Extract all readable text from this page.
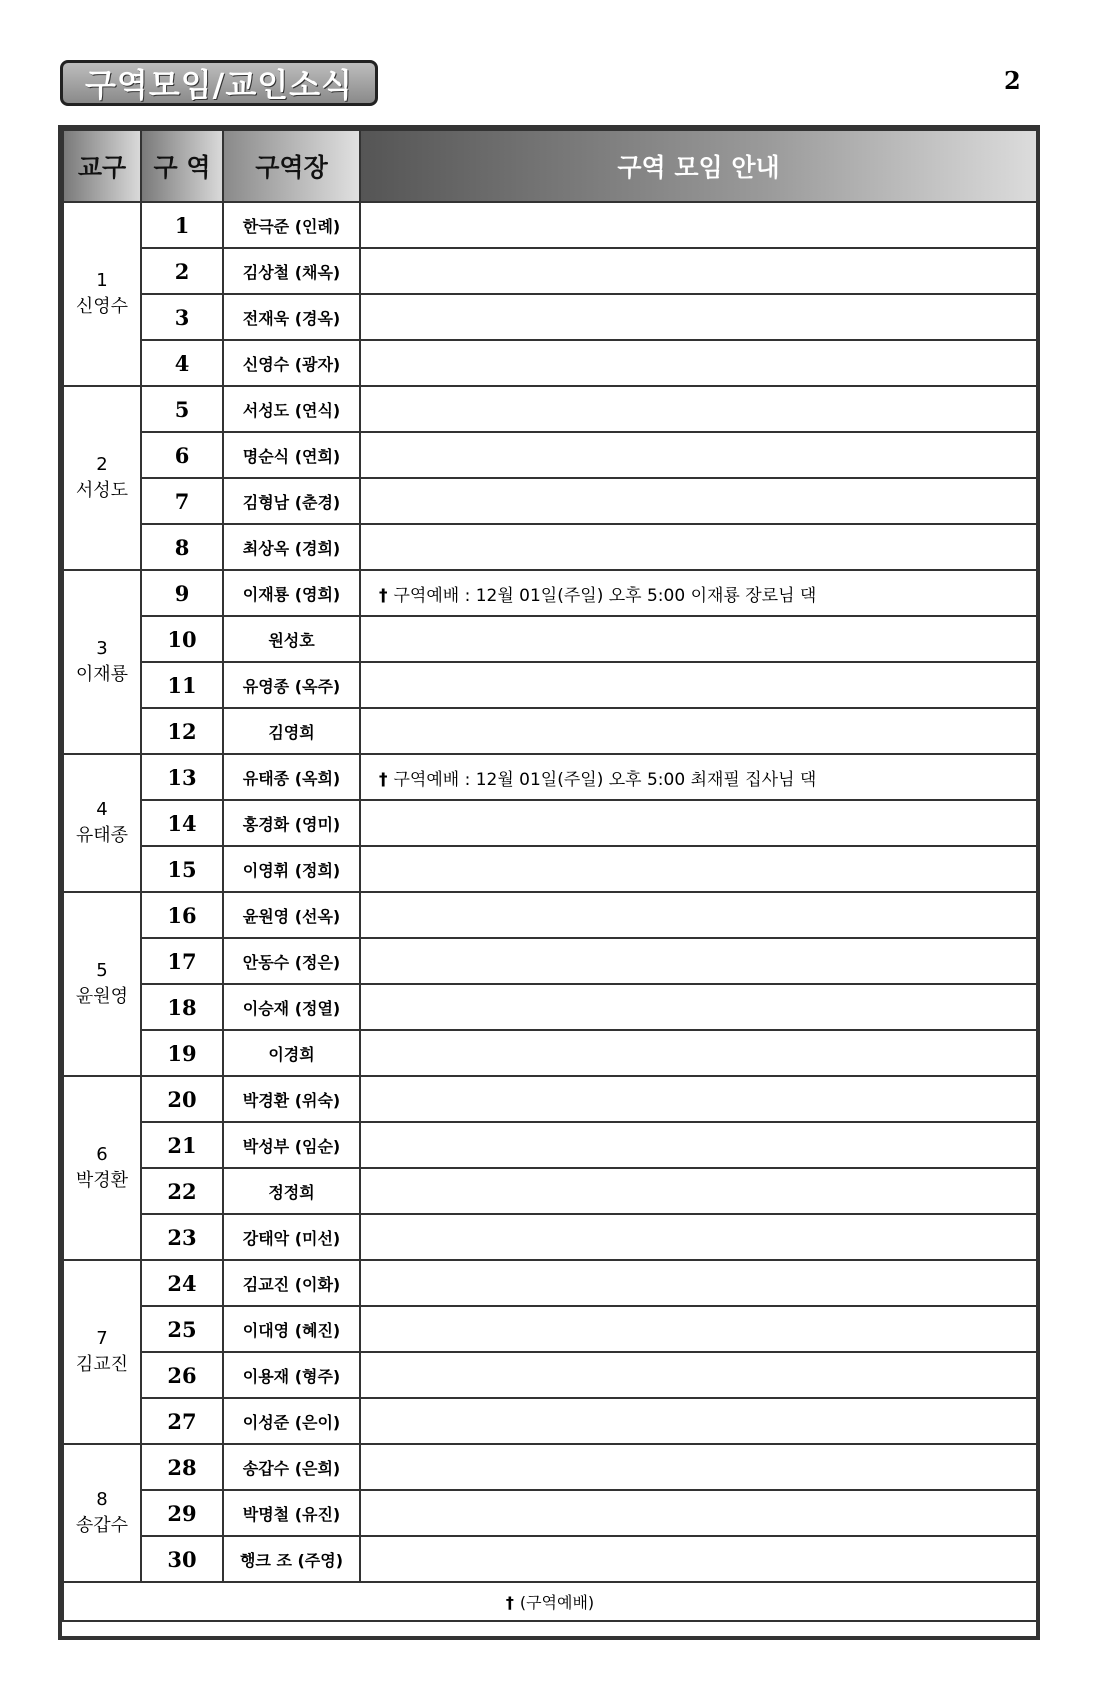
구역모임/교인소식	2
교구	구 역	구역장	구역 모임 안내

1
신영수	1	한극준 (인례)	
	2	김상철 (채옥)	
	3	전재욱 (경옥)	
	4	신영수 (광자)	

2
서성도	5	서성도 (연식)	
	6	명순식 (연희)	
	7	김형남 (춘경)	
	8	최상옥 (경희)	

3
이재룡	9	이재룡 (영희)	† 구역예배 : 12월 01일(주일) 오후 5:00 이재룡 장로님 댁
	10	원성호	
	11	유영종 (옥주)	
	12	김영희	

4
유태종	13	유태종 (옥희)	† 구역예배 : 12월 01일(주일) 오후 5:00 최재필 집사님 댁
	14	홍경화 (영미)	
	15	이영휘 (정희)	

5
윤원영	16	윤원영 (선옥)	
	17	안동수 (정은)	
	18	이승재 (정열)	
	19	이경희	

6
박경환	20	박경환 (위숙)	
	21	박성부 (임순)	
	22	정정희	
	23	강태악 (미선)	

7
김교진	24	김교진 (이화)	
	25	이대영 (혜진)	
	26	이용재 (형주)	
	27	이성준 (은이)	

8
송갑수	28	송갑수 (은희)	
	29	박명철 (유진)	
	30	행크 조 (주영)	
† (구역예배)			
